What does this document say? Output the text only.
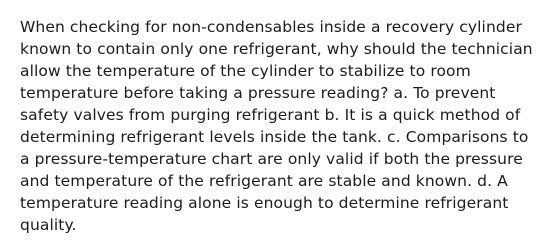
When checking for non-condensables inside a recovery cylinder
known to contain only one refrigerant, why should the technician
allow the temperature of the cylinder to stabilize to room
temperature before taking a pressure reading? a. To prevent
safety valves from purging refrigerant b. It is a quick method of
determining refrigerant levels inside the tank. c. Comparisons to
a pressure-temperature chart are only valid if both the pressure
and temperature of the refrigerant are stable and known. d. A
temperature reading alone is enough to determine refrigerant
quality.
